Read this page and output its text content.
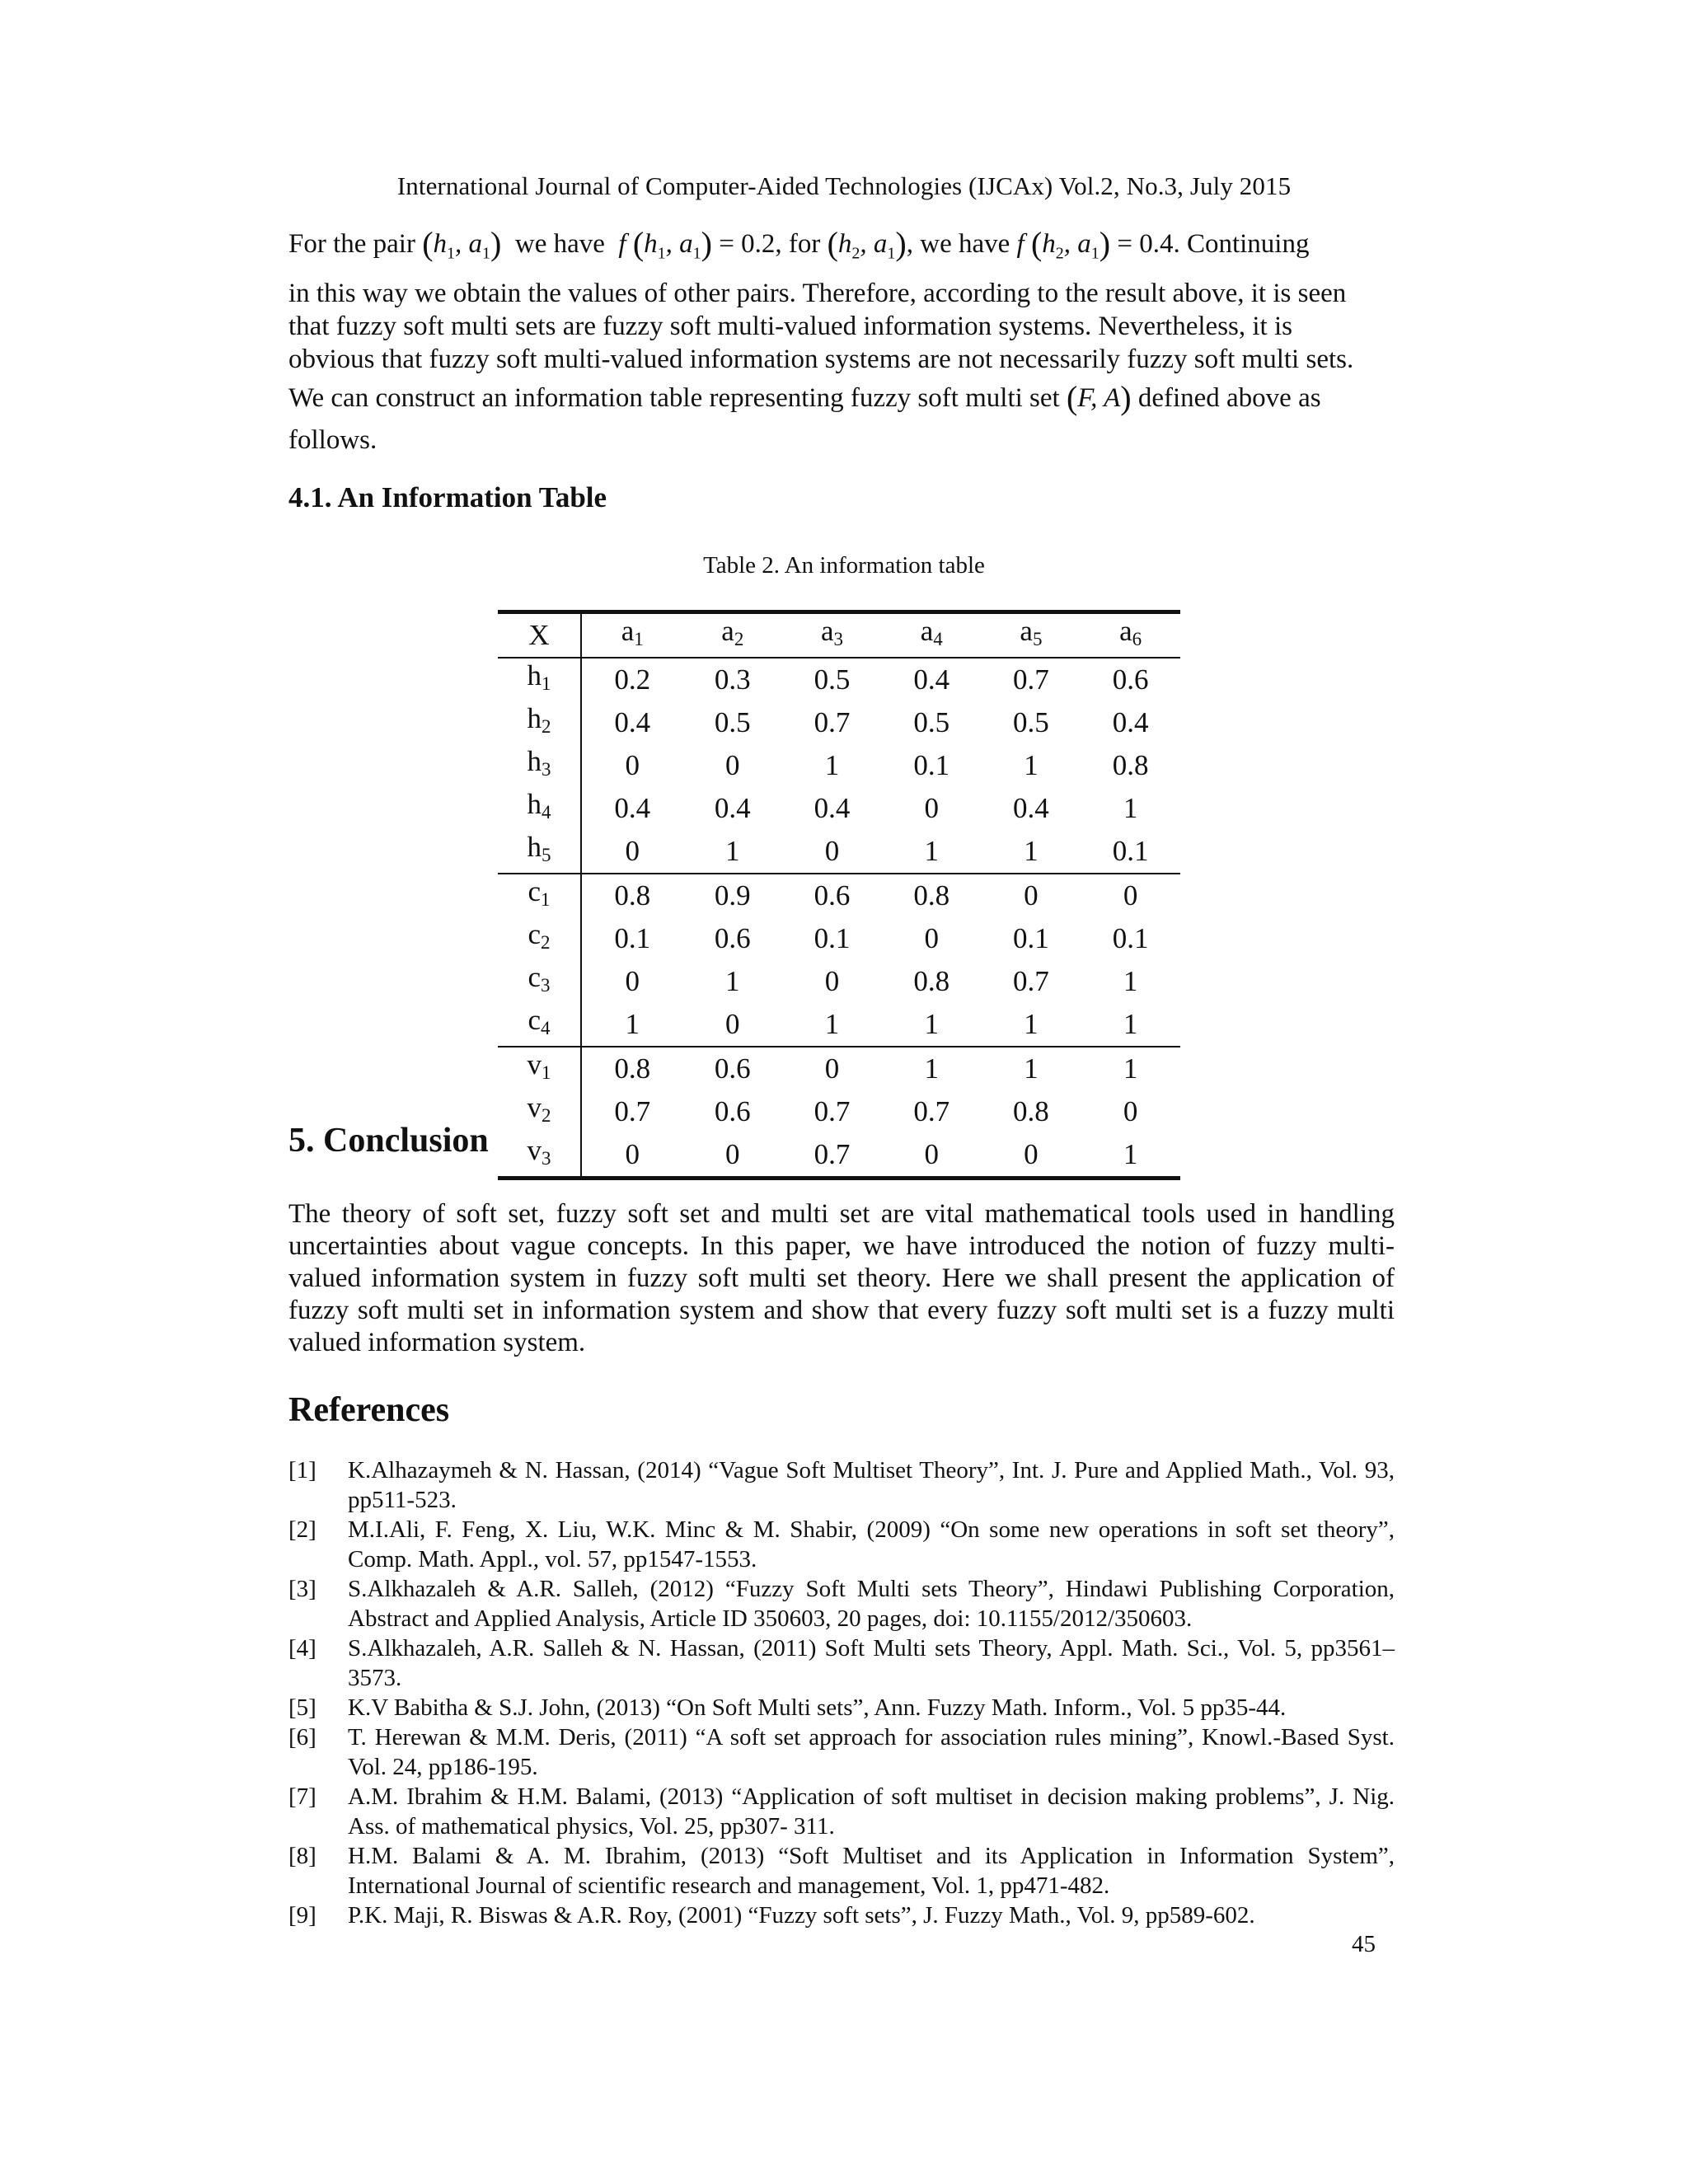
International Journal of Computer-Aided Technologies (IJCAx) Vol.2, No.3, July 2015

For the pair ($h_1$, $a_1$) we have f ($h_1$, $a_1) = 0.2$, for ($h_2$, $a_1$), we have f ($h_2$, $a_1) = 0.4$. Continuing

in this way we obtain the values of other pairs. Therefore, according to the result above, it is seen

that fuzzy soft multi sets are fuzzy soft multi-valued information systems. Nevertheless, it is

obvious that fuzzy soft multi-valued information systems are not necessarily fuzzy soft multi sets.

We can construct an information table representing fuzzy soft multi set (F, A) defined above as

follows.

4.1. An Information Table
Table 2. An information table
X	$a_1$	$a_2$	$a_3$	$a_4$	$a_5$	$a_6$
$h_1$	0.2	0.3	0.5	0.4	0.7	0.6
$h_2$	0.4	0.5	0.7	0.5	0.5	0.4
$h_3$	0	0	1	0.1	1	0.8
$h_4$	0.4	0.4	0.4	0	0.4	1
$h_5$	0	1	0	1	1	0.1
$c_1$	0.8	0.9	0.6	0.8	0	0
$c_2$	0.1	0.6	0.1	0	0.1	0.1
$c_3$	0	1	0	0.8	0.7	1
$c_4$	1	0	1	1	1	1
$v_1$	0.8	0.6	0	1	1	1
$v_2$	0.7	0.6	0.7	0.7	0.8	0
$v_3$	0	0	0.7	0	0	1
5. Conclusion
The theory of soft set, fuzzy soft set and multi set are vital mathematical tools used in handling uncertainties about vague concepts. In this paper, we have introduced the notion of fuzzy multi-valued information system in fuzzy soft multi set theory. Here we shall present the application of fuzzy soft multi set in information system and show that every fuzzy soft multi set is a fuzzy multi valued information system.
References
[1]	K.Alhazaymeh & N. Hassan, (2014) “Vague Soft Multiset Theory”, Int. J. Pure and Applied Math., Vol. 93, pp511-523.
[2]	M.I.Ali, F. Feng, X. Liu, W.K. Minc & M. Shabir, (2009) “On some new operations in soft set theory”, Comp. Math. Appl., vol. 57, pp1547-1553.
[3]	S.Alkhazaleh & A.R. Salleh, (2012) “Fuzzy Soft Multi sets Theory”, Hindawi Publishing Corporation, Abstract and Applied Analysis, Article ID 350603, 20 pages, doi: 10.1155/2012/350603.
[4]	S.Alkhazaleh, A.R. Salleh & N. Hassan, (2011) Soft Multi sets Theory, Appl. Math. Sci., Vol. 5, pp3561– 3573.
[5]	K.V Babitha & S.J. John, (2013) “On Soft Multi sets”, Ann. Fuzzy Math. Inform., Vol. 5 pp35-44.
[6]	T. Herewan & M.M. Deris, (2011) “A soft set approach for association rules mining”, Knowl.-Based Syst. Vol. 24, pp186-195.
[7]	A.M. Ibrahim & H.M. Balami, (2013) “Application of soft multiset in decision making problems”, J. Nig. Ass. of mathematical physics, Vol. 25, pp307- 311.
[8]	H.M. Balami & A. M. Ibrahim, (2013) “Soft Multiset and its Application in Information System”, International Journal of scientific research and management, Vol. 1, pp471-482.
[9]	P.K. Maji, R. Biswas & A.R. Roy, (2001) “Fuzzy soft sets”, J. Fuzzy Math., Vol. 9, pp589-602.
45
